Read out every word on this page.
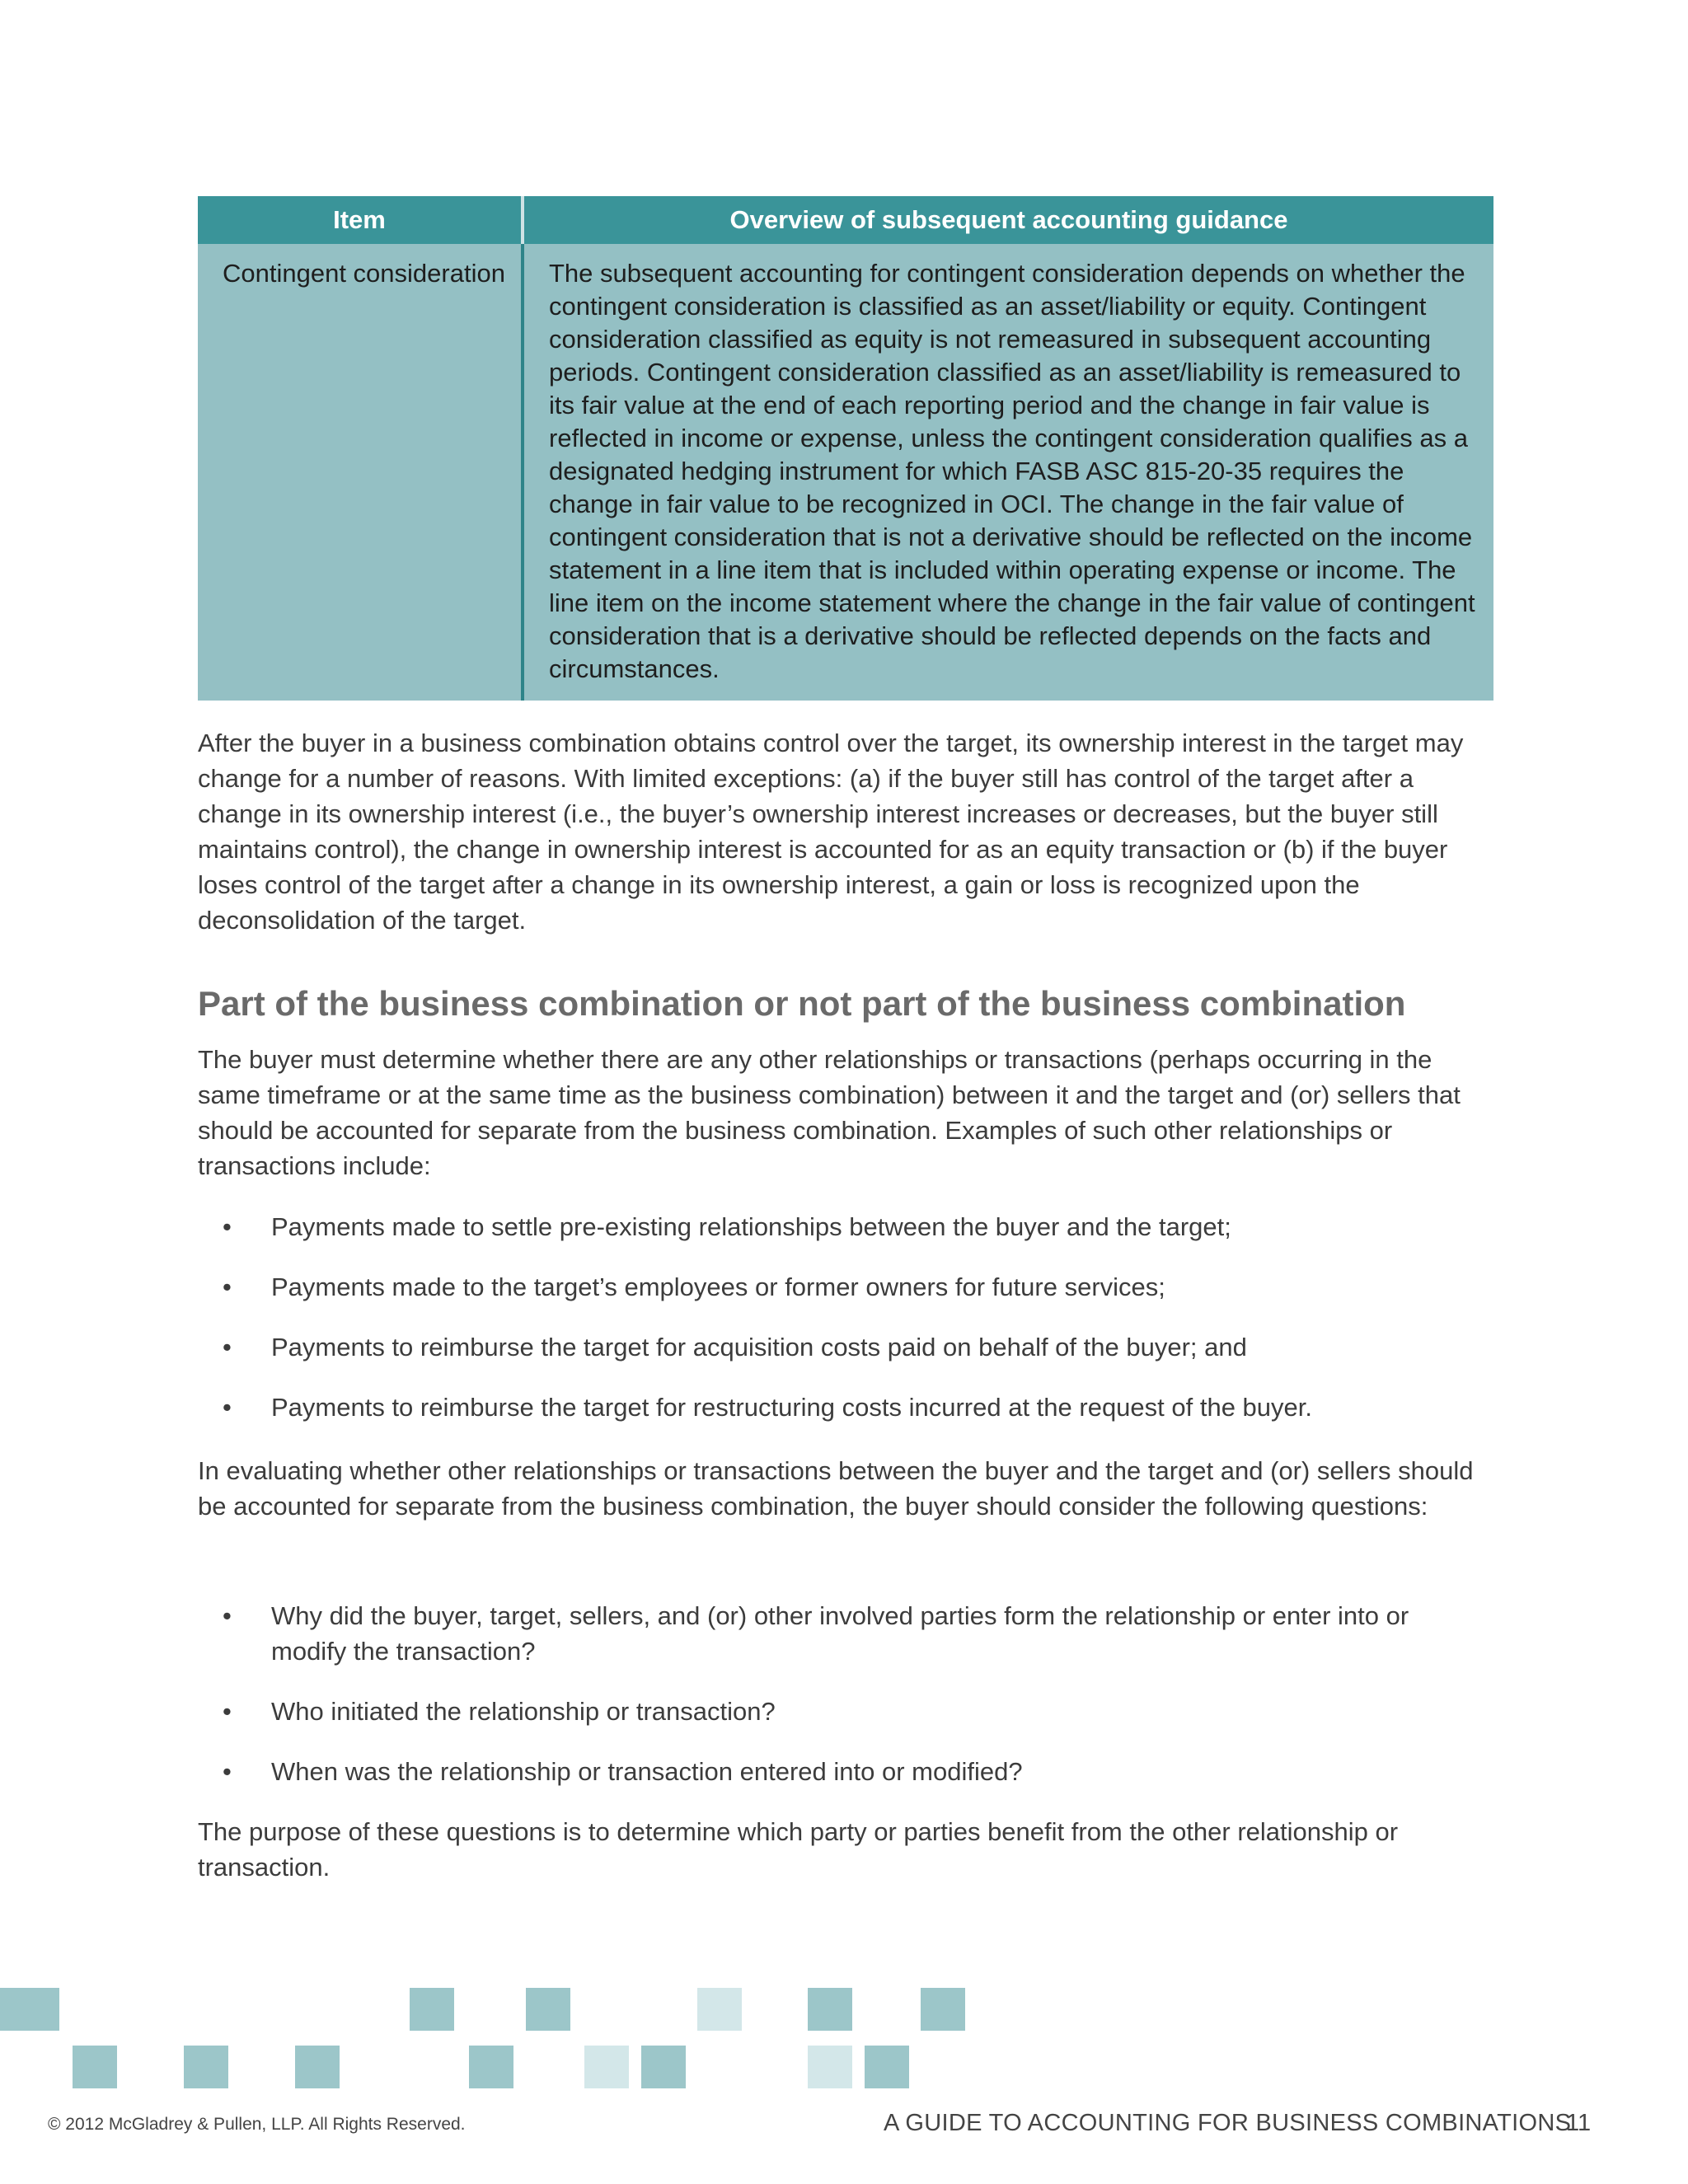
Item	Overview of subsequent accounting guidance
Contingent consideration	The subsequent accounting for contingent consideration depends on whether the contingent consideration is classified as an asset/liability or equity. Contingent consideration classified as equity is not remeasured in subsequent accounting periods. Contingent consideration classified as an asset/liability is remeasured to its fair value at the end of each reporting period and the change in fair value is reflected in income or expense, unless the contingent consideration qualifies as a designated hedging instrument for which FASB ASC 815-20-35 requires the change in fair value to be recognized in OCI. The change in the fair value of contingent consideration that is not a derivative should be reflected on the income statement in a line item that is included within operating expense or income. The line item on the income statement where the change in the fair value of contingent consideration that is a derivative should be reflected depends on the facts and circumstances.

After the buyer in a business combination obtains control over the target, its ownership interest in the target may change for a number of reasons. With limited exceptions: (a) if the buyer still has control of the target after a change in its ownership interest (i.e., the buyer’s ownership interest increases or decreases, but the buyer still maintains control), the change in ownership interest is accounted for as an equity transaction or (b) if the buyer loses control of the target after a change in its ownership interest, a gain or loss is recognized upon the deconsolidation of the target.

Part of the business combination or not part of the business combination

The buyer must determine whether there are any other relationships or transactions (perhaps occurring in the same timeframe or at the same time as the business combination) between it and the target and (or) sellers that should be accounted for separate from the business combination. Examples of such other relationships or transactions include:

• Payments made to settle pre-existing relationships between the buyer and the target;
• Payments made to the target’s employees or former owners for future services;
• Payments to reimburse the target for acquisition costs paid on behalf of the buyer; and
• Payments to reimburse the target for restructuring costs incurred at the request of the buyer.

In evaluating whether other relationships or transactions between the buyer and the target and (or) sellers should be accounted for separate from the business combination, the buyer should consider the following questions:

• Why did the buyer, target, sellers, and (or) other involved parties form the relationship or enter into or modify the transaction?
• Who initiated the relationship or transaction?
• When was the relationship or transaction entered into or modified?

The purpose of these questions is to determine which party or parties benefit from the other relationship or transaction.

© 2012 McGladrey & Pullen, LLP. All Rights Reserved.	A GUIDE TO ACCOUNTING FOR BUSINESS COMBINATIONS
11
